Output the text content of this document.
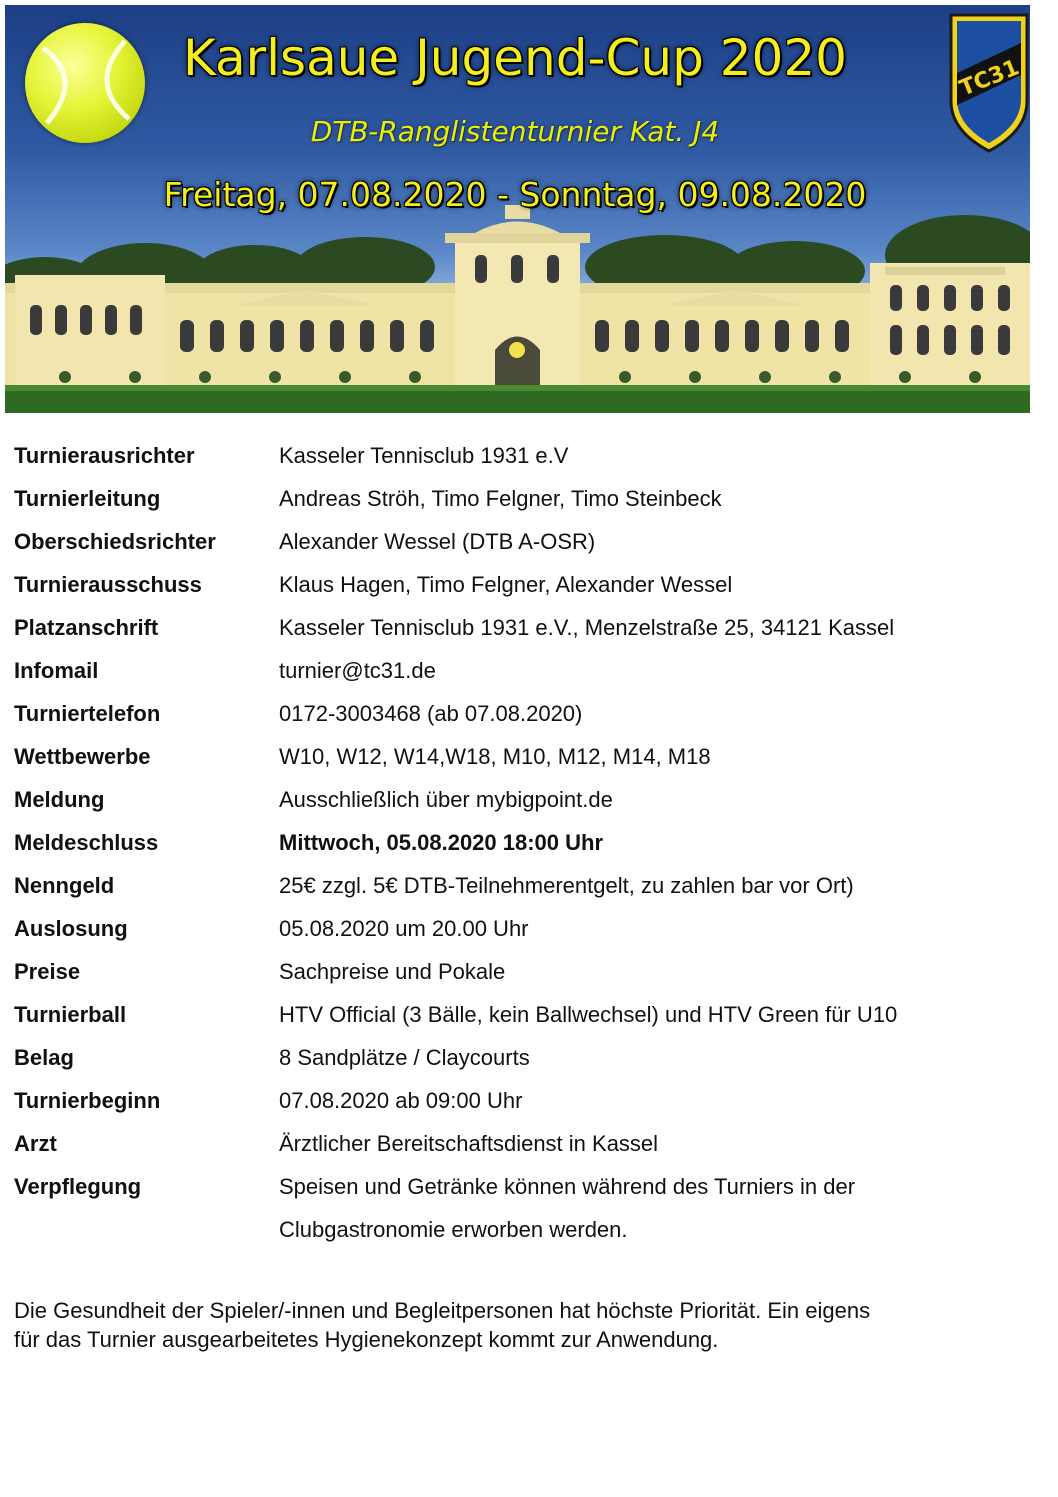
TC31
Karlsaue Jugend-Cup 2020
DTB-Ranglistenturnier Kat. J4
Freitag, 07.08.2020 - Sonntag, 09.08.2020
Turnierausrichter	Kasseler Tennisclub 1931 e.V
Turnierleitung	Andreas Ströh, Timo Felgner, Timo Steinbeck
Oberschiedsrichter	Alexander Wessel (DTB A-OSR)
Turnierausschuss	Klaus Hagen, Timo Felgner, Alexander Wessel
Platzanschrift	Kasseler Tennisclub 1931 e.V., Menzelstraße 25, 34121 Kassel
Infomail	turnier@tc31.de
Turniertelefon	0172-3003468 (ab 07.08.2020)
Wettbewerbe	W10, W12, W14,W18, M10, M12, M14, M18
Meldung	Ausschließlich über mybigpoint.de
Meldeschluss	Mittwoch, 05.08.2020 18:00 Uhr
Nenngeld	25€ zzgl. 5€ DTB-Teilnehmerentgelt, zu zahlen bar vor Ort)
Auslosung	05.08.2020 um 20.00 Uhr
Preise	Sachpreise und Pokale
Turnierball	HTV Official (3 Bälle, kein Ballwechsel) und HTV Green für U10
Belag	8 Sandplätze / Claycourts
Turnierbeginn	07.08.2020 ab 09:00 Uhr
Arzt	Ärztlicher Bereitschaftsdienst in Kassel
Verpflegung	Speisen und Getränke können während des Turniers in der
Clubgastronomie erworben werden.
Die Gesundheit der Spieler/-innen und Begleitpersonen hat höchste Priorität. Ein eigens
für das Turnier ausgearbeitetes Hygienekonzept kommt zur Anwendung.
